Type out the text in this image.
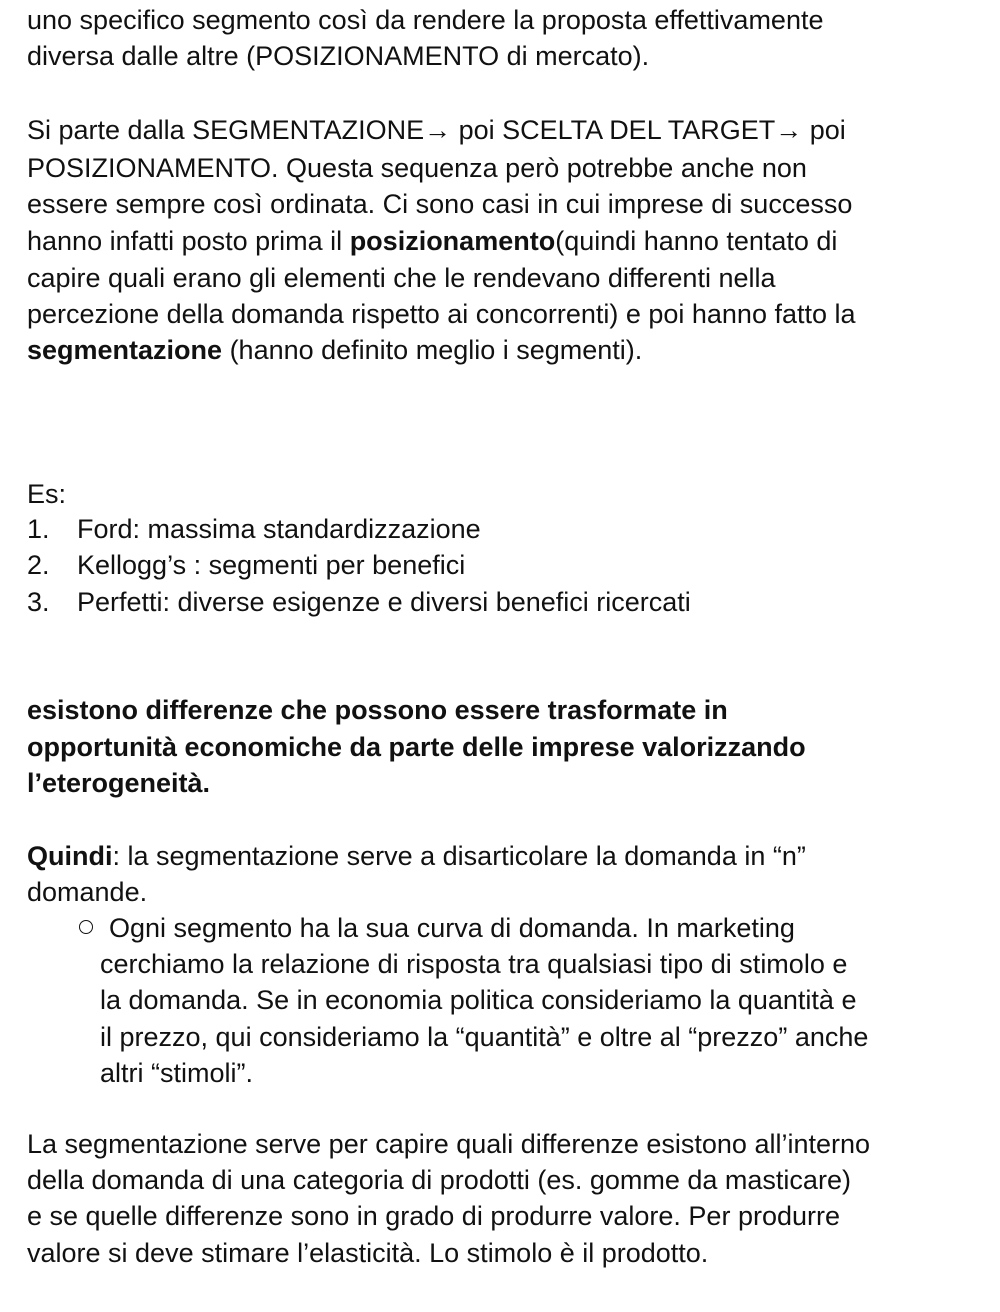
uno specifico segmento così da rendere la proposta effettivamente
diversa dalle altre (POSIZIONAMENTO di mercato).
Si parte dalla SEGMENTAZIONE→ poi SCELTA DEL TARGET→ poi
POSIZIONAMENTO. Questa sequenza però potrebbe anche non
essere sempre così ordinata. Ci sono casi in cui imprese di successo
hanno infatti posto prima il posizionamento(quindi hanno tentato di
capire quali erano gli elementi che le rendevano differenti nella
percezione della domanda rispetto ai concorrenti) e poi hanno fatto la
segmentazione (hanno definito meglio i segmenti).
Es:
1.	Ford: massima standardizzazione
2.	Kellogg’s : segmenti per benefici
3.	Perfetti: diverse esigenze e diversi benefici ricercati
esistono differenze che possono essere trasformate in
opportunità economiche da parte delle imprese valorizzando
l’eterogeneità.
Quindi: la segmentazione serve a disarticolare la domanda in “n”
domande.
Ogni segmento ha la sua curva di domanda. In marketing
cerchiamo la relazione di risposta tra qualsiasi tipo di stimolo e
la domanda. Se in economia politica consideriamo la quantità e
il prezzo, qui consideriamo la “quantità” e oltre al “prezzo” anche
altri “stimoli”.
La segmentazione serve per capire quali differenze esistono all’interno
della domanda di una categoria di prodotti (es. gomme da masticare)
e se quelle differenze sono in grado di produrre valore. Per produrre
valore si deve stimare l’elasticità. Lo stimolo è il prodotto.
